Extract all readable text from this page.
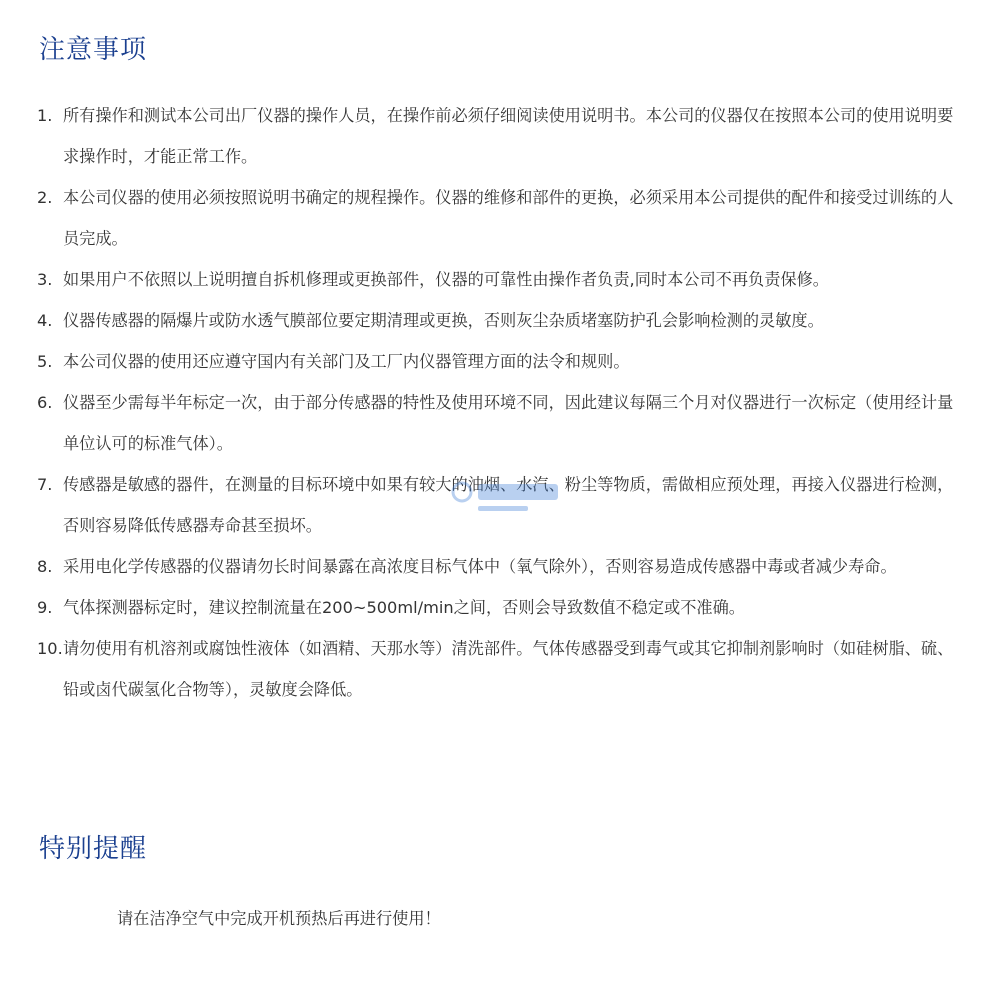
注意事项
1. 所有操作和测试本公司出厂仪器的操作人员，在操作前必须仔细阅读使用说明书。本公司的仪器仅在按照本公司的使用说明要求操作时，才能正常工作。
2. 本公司仪器的使用必须按照说明书确定的规程操作。仪器的维修和部件的更换，必须采用本公司提供的配件和接受过训练的人员完成。
3. 如果用户不依照以上说明擅自拆机修理或更换部件，仪器的可靠性由操作者负责,同时本公司不再负责保修。
4. 仪器传感器的隔爆片或防水透气膜部位要定期清理或更换，否则灰尘杂质堵塞防护孔会影响检测的灵敏度。
5. 本公司仪器的使用还应遵守国内有关部门及工厂内仪器管理方面的法令和规则。
6. 仪器至少需每半年标定一次，由于部分传感器的特性及使用环境不同，因此建议每隔三个月对仪器进行一次标定（使用经计量单位认可的标准气体）。
7. 传感器是敏感的器件，在测量的目标环境中如果有较大的油烟、水汽、粉尘等物质，需做相应预处理，再接入仪器进行检测，否则容易降低传感器寿命甚至损坏。
8. 采用电化学传感器的仪器请勿长时间暴露在高浓度目标气体中（氧气除外），否则容易造成传感器中毒或者减少寿命。
9. 气体探测器标定时，建议控制流量在200~500ml/min之间，否则会导致数值不稳定或不准确。
10. 请勿使用有机溶剂或腐蚀性液体（如酒精、天那水等）清洗部件。气体传感器受到毒气或其它抑制剂影响时（如硅树脂、硫、铅或卤代碳氢化合物等），灵敏度会降低。
特别提醒

请在洁净空气中完成开机预热后再进行使用！
